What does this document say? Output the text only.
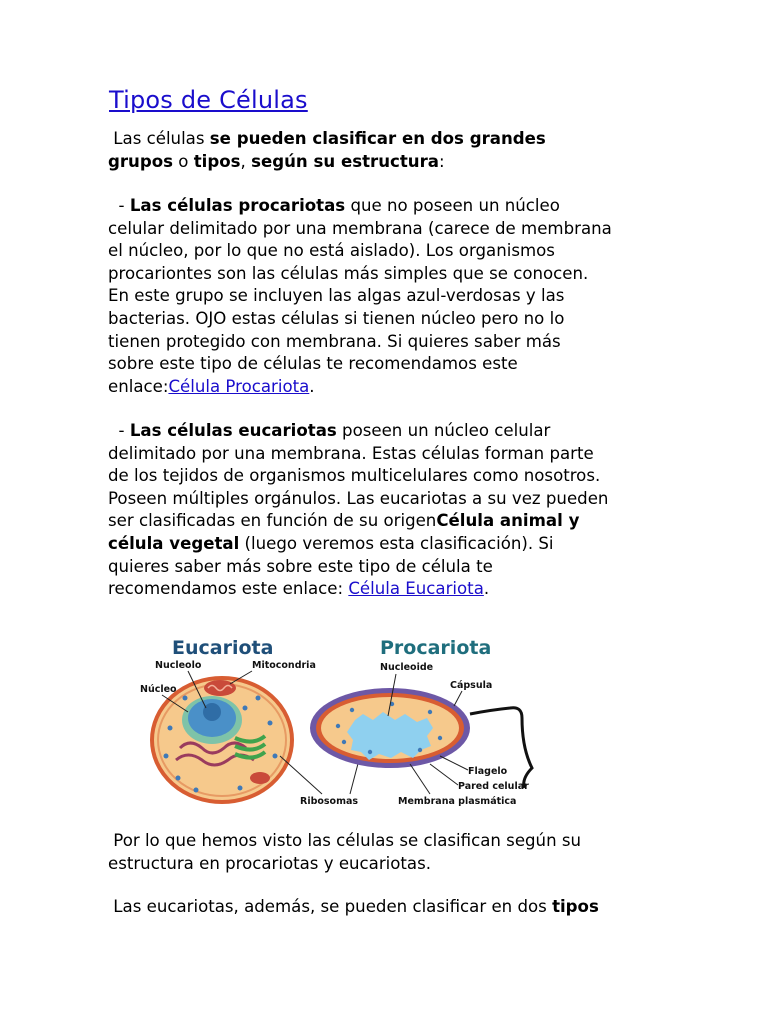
Tipos de Células

Las células se pueden clasificar en dos grandes
grupos o tipos, según su estructura:

- Las células procariotas que no poseen un núcleo
celular delimitado por una membrana (carece de membrana
el núcleo, por lo que no está aislado). Los organismos
procariontes son las células más simples que se conocen.
En este grupo se incluyen las algas azul-verdosas y las
bacterias. OJO estas células si tienen núcleo pero no lo
tienen protegido con membrana. Si quieres saber más
sobre este tipo de células te recomendamos este
enlace:Célula Procariota.

- Las células eucariotas poseen un núcleo celular
delimitado por una membrana. Estas células forman parte
de los tejidos de organismos multicelulares como nosotros.
Poseen múltiples orgánulos. Las eucariotas a su vez pueden
ser clasificadas en función de su origenCélula animal y
célula vegetal (luego veremos esta clasificación). Si
quieres saber más sobre este tipo de célula te
recomendamos este enlace: Célula Eucariota.

Eucariota	Procariota
Nucleolo	Mitocondria
Núcleo
Ribosomas
Nucleoide
Cápsula
Flagelo
Pared celular
Membrana plasmática

Por lo que hemos visto las células se clasifican según su
estructura en procariotas y eucariotas.

Las eucariotas, además, se pueden clasificar en dos tipos
